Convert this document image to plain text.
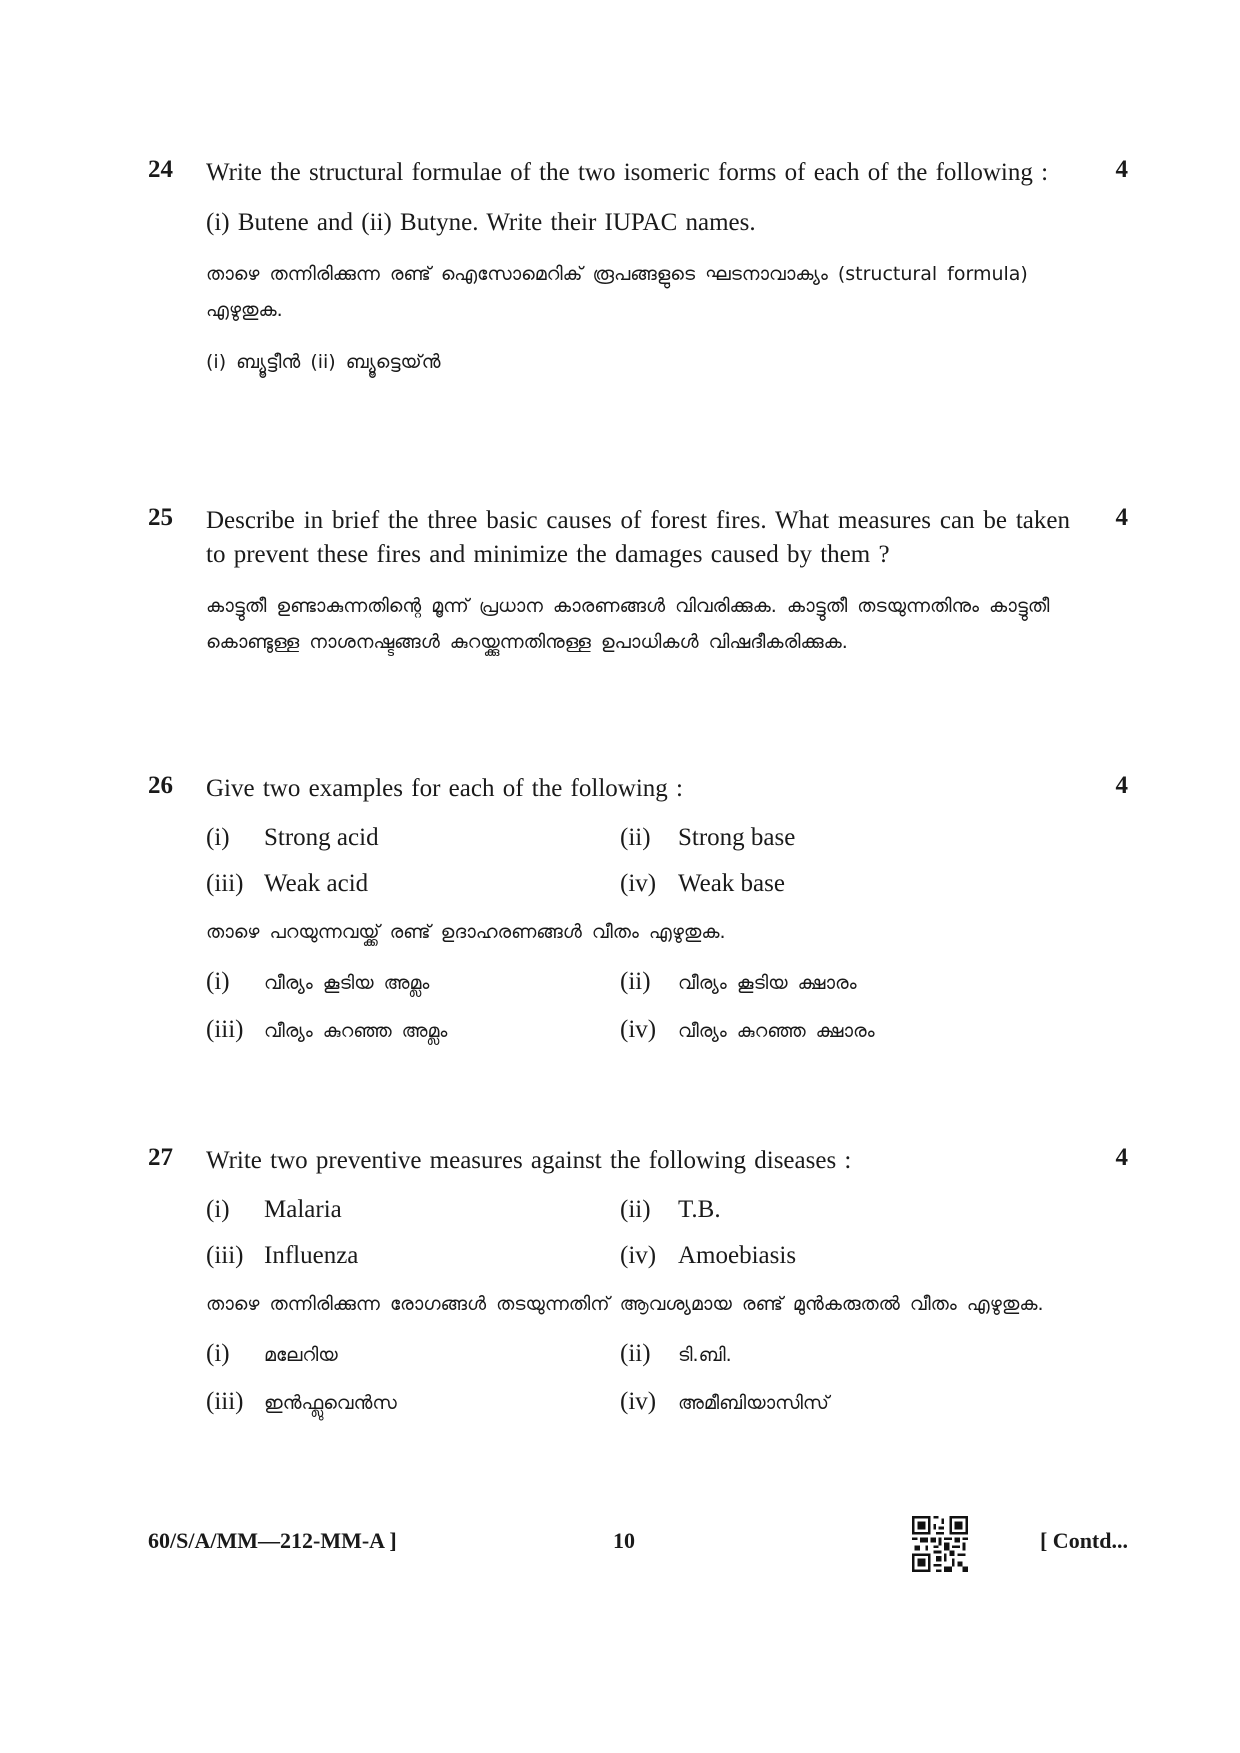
24	4
Write the structural formulae of the two isomeric forms of each of the following :
(i) Butene and (ii) Butyne. Write their IUPAC names.
താഴെ തന്നിരിക്കുന്ന രണ്ട് ഐസോമെറിക് രൂപങ്ങളുടെ ഘടനാവാക്യം (structural formula) എഴുതുക.
(i) ബ്യൂട്ടീൻ (ii) ബ്യൂട്ടെയ്ൻ
25	4
Describe in brief the three basic causes of forest fires. What measures can be taken to prevent these fires and minimize the damages caused by them ?
കാട്ടുതീ ഉണ്ടാകുന്നതിന്റെ മൂന്ന് പ്രധാന കാരണങ്ങൾ വിവരിക്കുക. കാട്ടുതീ തടയുന്നതിനും കാട്ടുതീ കൊണ്ടുള്ള നാശനഷ്ടങ്ങൾ കുറയ്ക്കുന്നതിനുള്ള ഉപാധികൾ വിഷദീകരിക്കുക.
26	4
Give two examples for each of the following :
(i)	Strong acid	(ii)	Strong base
(iii) Weak acid	(iv) Weak base
താഴെ പറയുന്നവയ്ക്ക് രണ്ട് ഉദാഹരണങ്ങൾ വീതം എഴുതുക.
(i)	വീര്യം കൂടിയ അമ്ലം	(ii)	വീര്യം കൂടിയ ക്ഷാരം
(iii)	വീര്യം കുറഞ്ഞ അമ്ലം	(iv)	വീര്യം കുറഞ്ഞ ക്ഷാരം
27	4
Write two preventive measures against the following diseases :
(i)	Malaria	(ii)	T.B.
(iii) Influenza	(iv) Amoebiasis
താഴെ തന്നിരിക്കുന്ന രോഗങ്ങൾ തടയുന്നതിന് ആവശ്യമായ രണ്ട് മുൻകരുതൽ വീതം എഴുതുക.
(i)	മലേറിയ	(ii)	ടി.ബി.
(iii)	ഇൻഫ്ലുവെൻസ	(iv)	അമീബിയാസിസ്
60/S/A/MM—212-MM-A ]	10	[ Contd...
